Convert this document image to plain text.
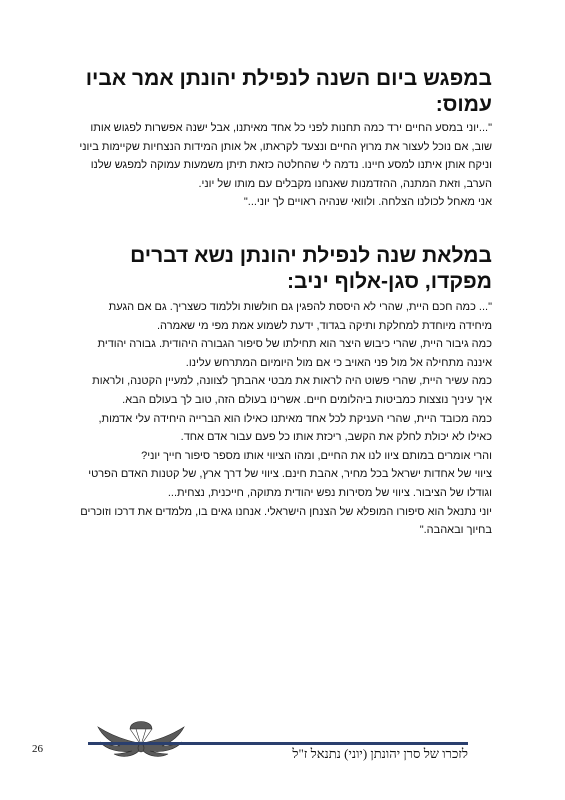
במפגש ביום השנה לנפילת יהונתן אמר אביו עמוס:

"...יוני במסע החיים ירד כמה תחנות לפני כל אחד מאיתנו, אבל ישנה אפשרות לפגוש אותו שוב, אם נוכל לעצור את מרוץ החיים ונצעד לקראתו, אל אותן המידות הנצחיות שקיימות ביוני וניקח אותן איתנו למסע חיינו. נדמה לי שהחלטה כזאת תיתן משמעות עמוקה למפגש שלנו הערב, וזאת המתנה, ההזדמנות שאנחנו מקבלים עם מותו של יוני.

אני מאחל לכולנו הצלחה. ולוואי שנהיה ראויים לך יוני..."

במלאת שנה לנפילת יהונתן נשא דברים מפקדו, סגן-אלוף יניב:

"... כמה חכם היית, שהרי לא היססת להפגין גם חולשות וללמוד כשצריך. גם אם הגעת מיחידה מיוחדת למחלקת ותיקה בגדוד, ידעת לשמוע אמת מפי מי שאמרה.

כמה גיבור היית, שהרי כיבוש היצר הוא תחילתו של סיפור הגבורה היהודית. גבורה יהודית איננה מתחילה אל מול פני האויב כי אם מול היומיום המתרחש עלינו.

כמה עשיר היית, שהרי פשוט היה לראות את מבטי אהבתך לצוונה, למעיין הקטנה, ולראות איך עיניך נוצצות כמביטות ביהלומים חיים. אשרינו בעולם הזה, טוב לך בעולם הבא.

כמה מכובד היית, שהרי העניקת לכל אחד מאיתנו כאילו הוא הברייה היחידה עלי אדמות, כאילו לא יכולת לחלק את הקשב, ריכזת אותו כל פעם עבור אדם אחד.

והרי אומרים במותם ציוו לנו את החיים, ומהו הציווי אותו מספר סיפור חייך יוני?

ציווי של אחדות ישראל בכל מחיר, אהבת חינם. ציווי של דרך ארץ, של קטנות האדם הפרטי וגודלו של הציבור. ציווי של מסירות נפש יהודית מתוקה, חייכנית, נצחית...

יוני נתנאל הוא סיפורו המופלא של הצנחן הישראלי. אנחנו גאים בו, מלמדים את דרכו וזוכרים בחיוך ובאהבה."

לזכרו של סרן יהונתן (יוני) נתנאל ז"ל
26
